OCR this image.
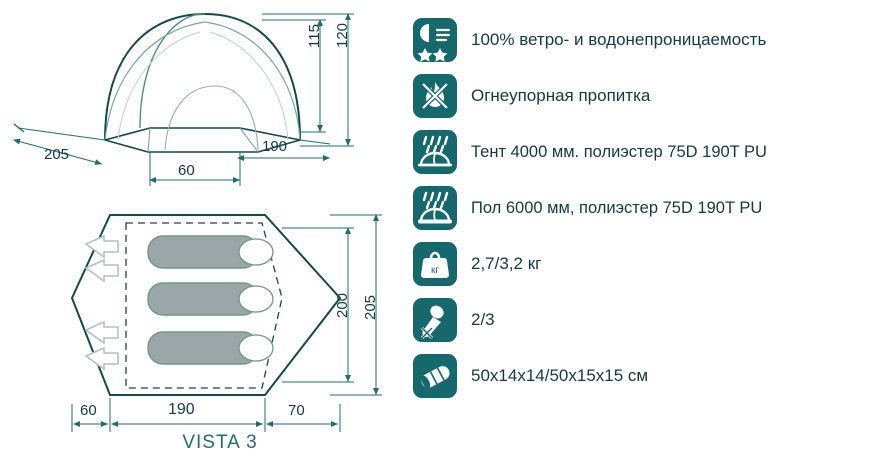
115 120
205	190
60
200 205
60	190	70
VISTA 3
100% ветро- и водонепроницаемость
Огнеупорная пропитка
Тент 4000 мм. полиэстер 75D 190T PU
Пол 6000 мм, полиэстер 75D 190T PU
кг 2,7/3,2 кг
2/3
50x14x14/50x15x15 см
